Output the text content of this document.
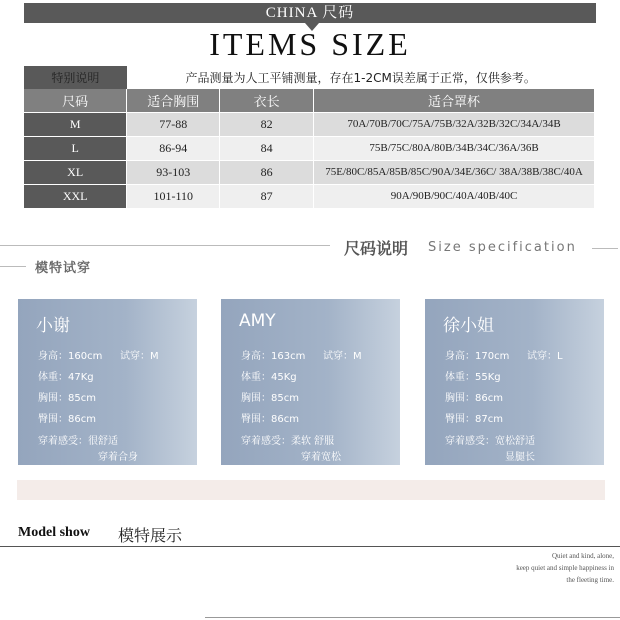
CHINA 尺码
ITEMS SIZE
特别说明	产品测量为人工平铺测量，存在1-2CM误差属于正常，仅供参考。		
尺码	适合胸围	衣长	适合罩杯
M	77-88	82	70A/70B/70C/75A/75B/32A/32B/32C/34A/34B
L	86-94	84	75B/75C/80A/80B/34B/34C/36A/36B
XL	93-103	86	75E/80C/85A/85B/85C/90A/34E/36C/ 38A/38B/38C/40A
XXL	101-110	87	90A/90B/90C/40A/40B/40C
尺码说明 Size specification
模特试穿
小谢
身高：160cm 试穿：M
体重：47Kg
胸围：85cm
臀围：86cm
穿着感受：很舒适
穿着合身
AMY
身高：163cm 试穿：M
体重：45Kg
胸围：85cm
臀围：86cm
穿着感受：柔软 舒服
穿着宽松
徐小姐
身高：170cm 试穿：L
体重：55Kg
胸围：86cm
臀围：87cm
穿着感受：宽松舒适
显腿长
Model show 模特展示
Quiet and kind, alone,
keep quiet and simple happiness in
the fleeting time.
